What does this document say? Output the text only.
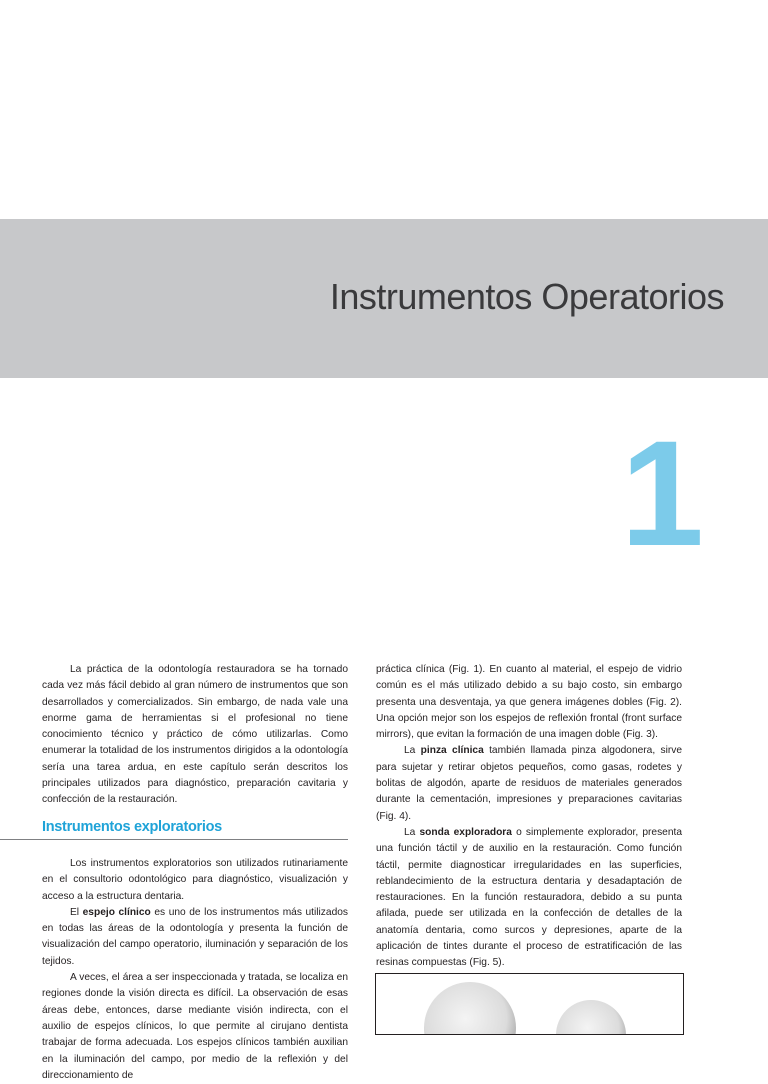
Instrumentos Operatorios
1

La práctica de la odontología restauradora se ha tornado cada vez más fácil debido al gran número de instrumentos que son desarrollados y comercializados. Sin embargo, de nada vale una enorme gama de herramientas si el profesional no tiene conocimiento técnico y práctico de cómo utilizarlas. Como enumerar la totalidad de los instrumentos dirigidos a la odontología sería una tarea ardua, en este capítulo serán descritos los principales utilizados para diagnóstico, preparación cavitaria y confección de la restauración.

Instrumentos exploratorios

Los instrumentos exploratorios son utilizados rutinariamente en el consultorio odontológico para diagnóstico, visualización y acceso a la estructura dentaria.

El espejo clínico es uno de los instrumentos más utilizados en todas las áreas de la odontología y presenta la función de visualización del campo operatorio, iluminación y separación de los tejidos.

A veces, el área a ser inspeccionada y tratada, se localiza en regiones donde la visión directa es difícil. La observación de esas áreas debe, entonces, darse mediante visión indirecta, con el auxilio de espejos clínicos, lo que permite al cirujano dentista trabajar de forma adecuada. Los espejos clínicos también auxilian en la iluminación del campo, por medio de la reflexión y del direccionamiento de

práctica clínica (Fig. 1). En cuanto al material, el espejo de vidrio común es el más utilizado debido a su bajo costo, sin embargo presenta una desventaja, ya que genera imágenes dobles (Fig. 2). Una opción mejor son los espejos de reflexión frontal (front surface mirrors), que evitan la formación de una imagen doble (Fig. 3).

La pinza clínica también llamada pinza algodonera, sirve para sujetar y retirar objetos pequeños, como gasas, rodetes y bolitas de algodón, aparte de residuos de materiales generados durante la cementación, impresiones y preparaciones cavitarias (Fig. 4).

La sonda exploradora o simplemente explorador, presenta una función táctil y de auxilio en la restauración. Como función táctil, permite diagnosticar irregularidades en las superficies, reblandecimiento de la estructura dentaria y desadaptación de restauraciones. En la función restauradora, debido a su punta afilada, puede ser utilizada en la confección de detalles de la anatomía dentaria, como surcos y depresiones, aparte de la aplicación de tintes durante el proceso de estratificación de las resinas compuestas (Fig. 5).
